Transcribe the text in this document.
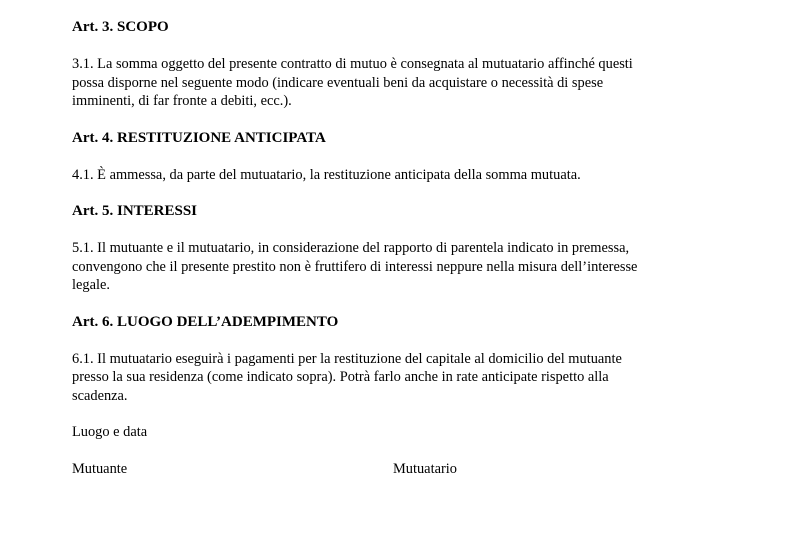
Art. 3. SCOPO

3.1. La somma oggetto del presente contratto di mutuo è consegnata al mutuatario affinché questi

possa disporne nel seguente modo (indicare eventuali beni da acquistare o necessità di spese

imminenti, di far fronte a debiti, ecc.).

Art. 4. RESTITUZIONE ANTICIPATA

4.1. È ammessa, da parte del mutuatario, la restituzione anticipata della somma mutuata.

Art. 5. INTERESSI

5.1. Il mutuante e il mutuatario, in considerazione del rapporto di parentela indicato in premessa,

convengono che il presente prestito non è fruttifero di interessi neppure nella misura dell’interesse

legale.

Art. 6. LUOGO DELL’ADEMPIMENTO

6.1. Il mutuatario eseguirà i pagamenti per la restituzione del capitale al domicilio del mutuante

presso la sua residenza (come indicato sopra). Potrà farlo anche in rate anticipate rispetto alla

scadenza.

Luogo e data

Mutuante	Mutuatario
